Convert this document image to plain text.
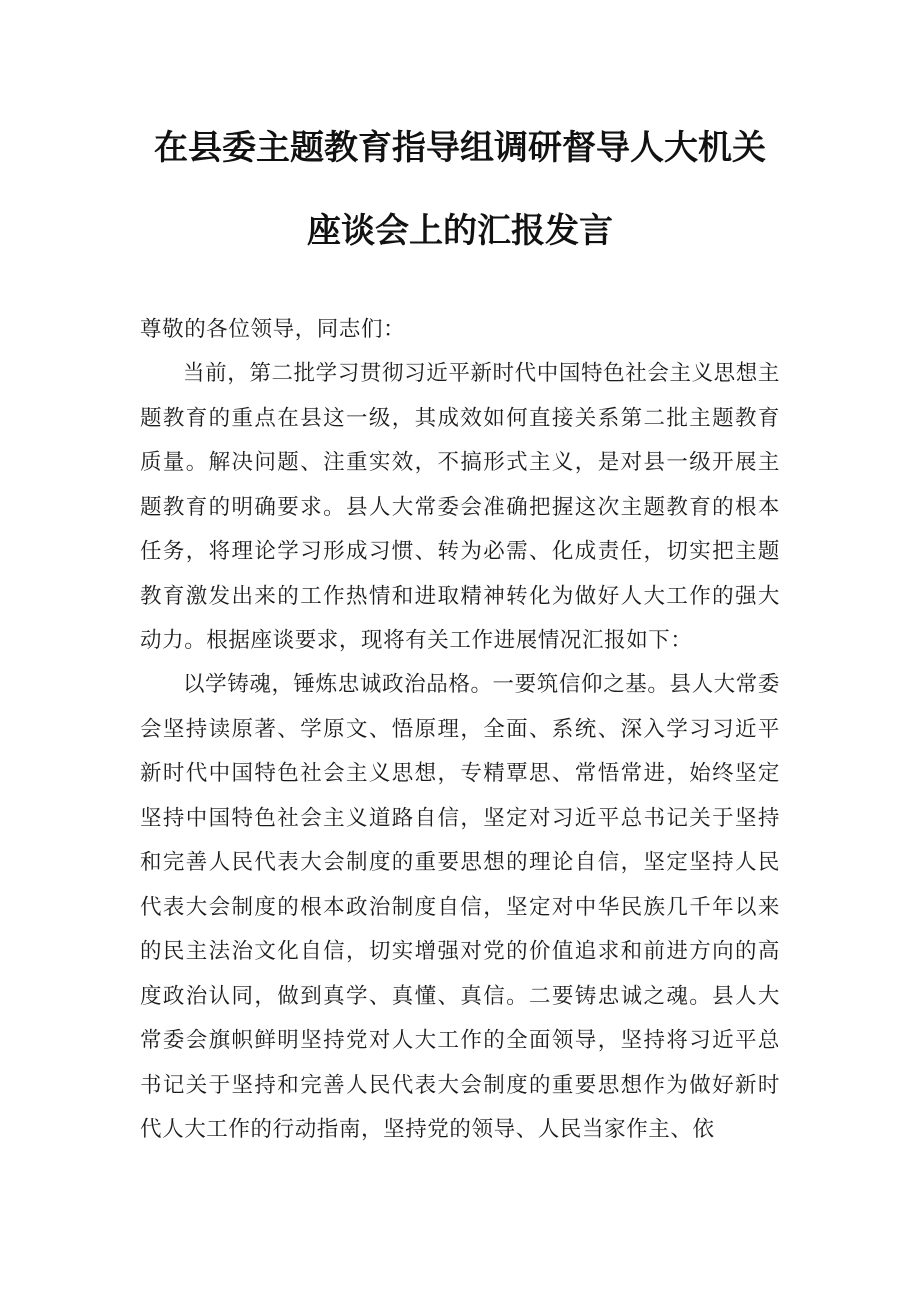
在县委主题教育指导组调研督导人大机关
座谈会上的汇报发言

尊敬的各位领导，同志们：

当前，第二批学习贯彻习近平新时代中国特色社会主义思想主题教育的重点在县这一级，其成效如何直接关系第二批主题教育质量。解决问题、注重实效，不搞形式主义，是对县一级开展主题教育的明确要求。县人大常委会准确把握这次主题教育的根本任务，将理论学习形成习惯、转为必需、化成责任，切实把主题教育激发出来的工作热情和进取精神转化为做好人大工作的强大动力。根据座谈要求，现将有关工作进展情况汇报如下：

以学铸魂，锤炼忠诚政治品格。一要筑信仰之基。县人大常委会坚持读原著、学原文、悟原理，全面、系统、深入学习习近平新时代中国特色社会主义思想，专精覃思、常悟常进，始终坚定坚持中国特色社会主义道路自信，坚定对习近平总书记关于坚持和完善人民代表大会制度的重要思想的理论自信，坚定坚持人民代表大会制度的根本政治制度自信，坚定对中华民族几千年以来的民主法治文化自信，切实增强对党的价值追求和前进方向的高度政治认同，做到真学、真懂、真信。二要铸忠诚之魂。县人大常委会旗帜鲜明坚持党对人大工作的全面领导，坚持将习近平总书记关于坚持和完善人民代表大会制度的重要思想作为做好新时代人大工作的行动指南，坚持党的领导、人民当家作主、依
